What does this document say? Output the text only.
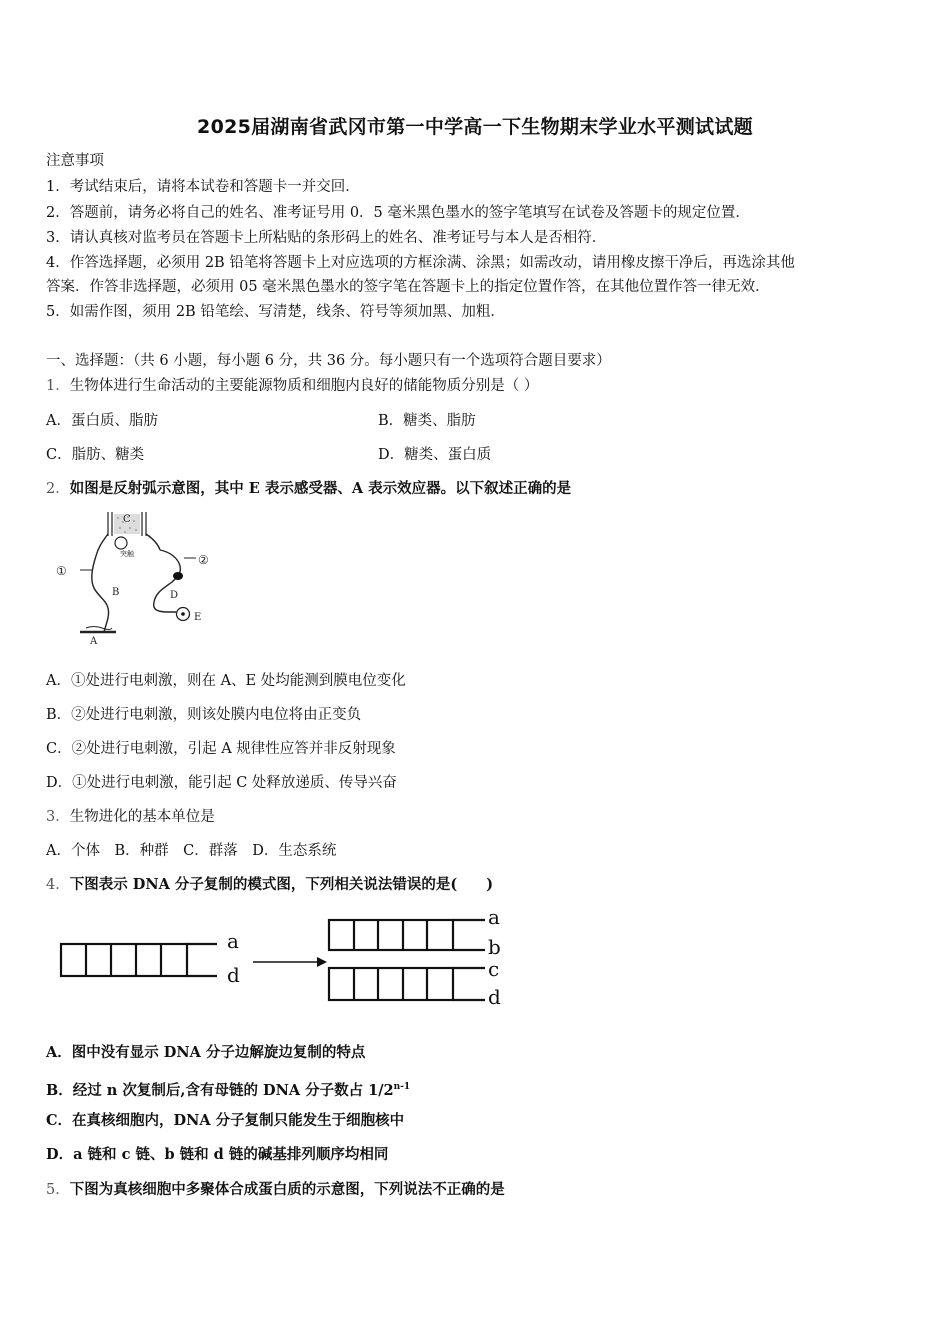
2025届湖南省武冈市第一中学高一下生物期末学业水平测试试题
注意事项
1．考试结束后，请将本试卷和答题卡一并交回．
2．答题前，请务必将自己的姓名、准考证号用 0．5 毫米黑色墨水的签字笔填写在试卷及答题卡的规定位置．
3．请认真核对监考员在答题卡上所粘贴的条形码上的姓名、准考证号与本人是否相符．
4．作答选择题，必须用 2B 铅笔将答题卡上对应选项的方框涂满、涂黑；如需改动，请用橡皮擦干净后，再选涂其他
答案．作答非选择题，必须用 05 毫米黑色墨水的签字笔在答题卡上的指定位置作答，在其他位置作答一律无效．
5．如需作图，须用 2B 铅笔绘、写清楚，线条、符号等须加黑、加粗．
一、选择题：（共 6 小题，每小题 6 分，共 36 分。每小题只有一个选项符合题目要求）
1．生物体进行生命活动的主要能源物质和细胞内良好的储能物质分别是（ ）
A．蛋白质、脂肪	B．糖类、脂肪
C．脂肪、糖类	D．糖类、蛋白质
2．如图是反射弧示意图，其中 E 表示感受器、A 表示效应器。以下叙述正确的是
C
突触
①
B
A
②
D
E
A．①处进行电刺激，则在 A、E 处均能测到膜电位变化
B．②处进行电刺激，则该处膜内电位将由正变负
C．②处进行电刺激，引起 A 规律性应答并非反射现象
D．①处进行电刺激，能引起 C 处释放递质、传导兴奋
3．生物进化的基本单位是
A．个体　B．种群　C．群落　D．生态系统
4．下图表示 DNA 分子复制的模式图，下列相关说法错误的是(　　)
a
d
a
b
c
d
A．图中没有显示 DNA 分子边解旋边复制的特点
B．经过 n 次复制后,含有母链的 DNA 分子数占 1/2$^{n-1}$
C．在真核细胞内，DNA 分子复制只能发生于细胞核中
D．a 链和 c 链、b 链和 d 链的碱基排列顺序均相同
5．下图为真核细胞中多聚体合成蛋白质的示意图，下列说法不正确的是
